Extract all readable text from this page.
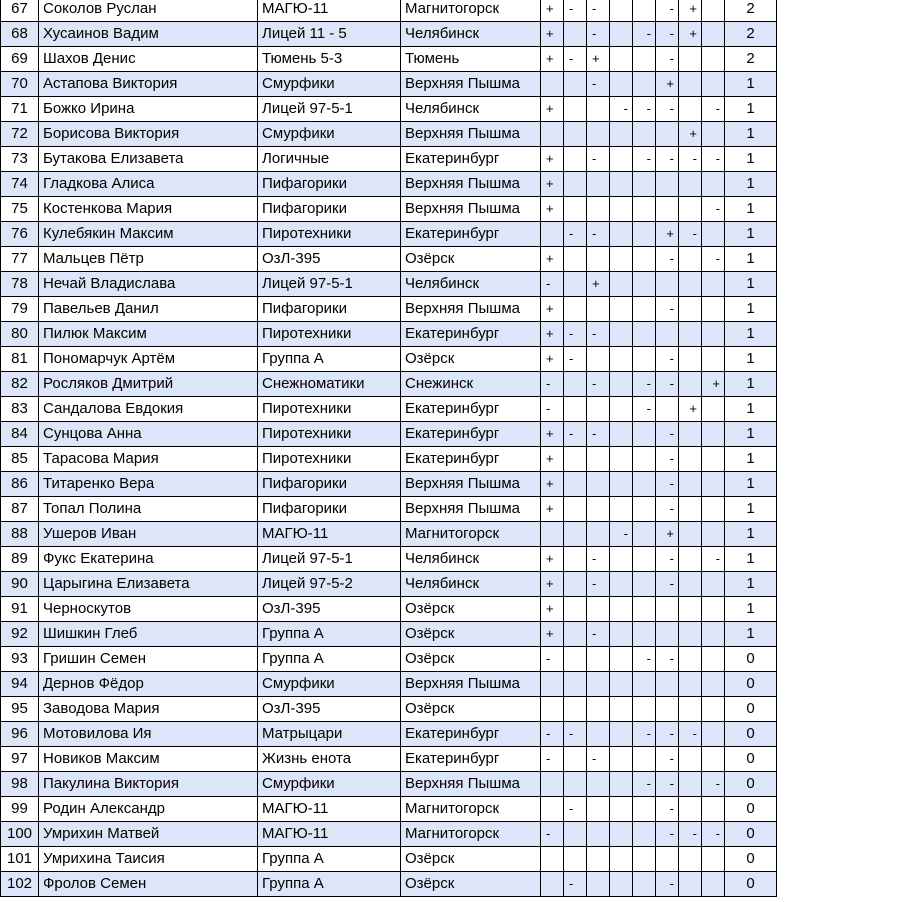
67	Соколов Руслан	МАГЮ-11	Магнитогорск	+	-	-			-	+		2
68	Хусаинов Вадим	Лицей 11 - 5	Челябинск	+		-		-	-	+		2
69	Шахов Денис	Тюмень 5-3	Тюмень	+	-	+			-			2
70	Астапова Виктория	Смурфики	Верхняя Пышма			-			+			1
71	Божко Ирина	Лицей 97-5-1	Челябинск	+			-	-	-		-	1
72	Борисова Виктория	Смурфики	Верхняя Пышма							+		1
73	Бутакова Елизавета	Логичные	Екатеринбург	+		-		-	-	-	-	1
74	Гладкова Алиса	Пифагорики	Верхняя Пышма	+								1
75	Костенкова Мария	Пифагорики	Верхняя Пышма	+							-	1
76	Кулебякин Максим	Пиротехники	Екатеринбург		-	-			+	-		1
77	Мальцев Пётр	ОзЛ-395	Озёрск	+					-		-	1
78	Нечай Владислава	Лицей 97-5-1	Челябинск	-		+						1
79	Павельев Данил	Пифагорики	Верхняя Пышма	+					-			1
80	Пилюк Максим	Пиротехники	Екатеринбург	+	-	-						1
81	Пономарчук Артём	Группа А	Озёрск	+	-				-			1
82	Росляков Дмитрий	Снежноматики	Снежинск	-		-		-	-		+	1
83	Сандалова Евдокия	Пиротехники	Екатеринбург	-				-		+		1
84	Сунцова Анна	Пиротехники	Екатеринбург	+	-	-			-			1
85	Тарасова Мария	Пиротехники	Екатеринбург	+					-			1
86	Титаренко Вера	Пифагорики	Верхняя Пышма	+					-			1
87	Топал Полина	Пифагорики	Верхняя Пышма	+					-			1
88	Ушеров Иван	МАГЮ-11	Магнитогорск				-		+			1
89	Фукс Екатерина	Лицей 97-5-1	Челябинск	+		-			-		-	1
90	Царыгина Елизавета	Лицей 97-5-2	Челябинск	+		-			-			1
91	Черноскутов	ОзЛ-395	Озёрск	+								1
92	Шишкин Глеб	Группа А	Озёрск	+		-						1
93	Гришин Семен	Группа А	Озёрск	-				-	-			0
94	Дернов Фёдор	Смурфики	Верхняя Пышма									0
95	Заводова Мария	ОзЛ-395	Озёрск									0
96	Мотовилова Ия	Матрыцари	Екатеринбург	-	-			-	-	-		0
97	Новиков Максим	Жизнь енота	Екатеринбург	-		-			-			0
98	Пакулина Виктория	Смурфики	Верхняя Пышма					-	-		-	0
99	Родин Александр	МАГЮ-11	Магнитогорск		-				-			0
100	Умрихин Матвей	МАГЮ-11	Магнитогорск	-					-	-	-	0
101	Умрихина Таисия	Группа А	Озёрск									0
102	Фролов Семен	Группа А	Озёрск		-				-			0
